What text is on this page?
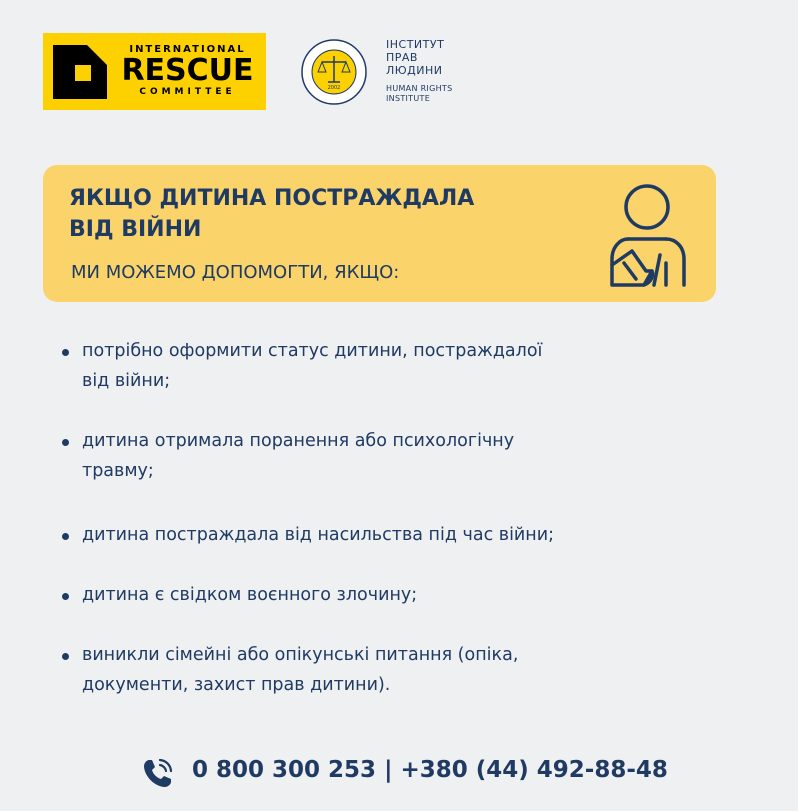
INTERNATIONAL
RESCUE
COMMITTEE	2002
ІНСТИТУТ
ПРАВ
ЛЮДИНИ
HUMAN RIGHTS
INSTITUTE
ЯКЩО ДИТИНА ПОСТРАЖДАЛА
ВІД ВІЙНИ
МИ МОЖЕМО ДОПОМОГТИ, ЯКЩО:
потрібно оформити статус дитини, постраждалої
від війни;
дитина отримала поранення або психологічну
травму;
дитина постраждала від насильства під час війни;
дитина є свідком воєнного злочину;
виникли сімейні або опікунські питання (опіка,
документи, захист прав дитини).
0 800 300 253 | +380 (44) 492-88-48
